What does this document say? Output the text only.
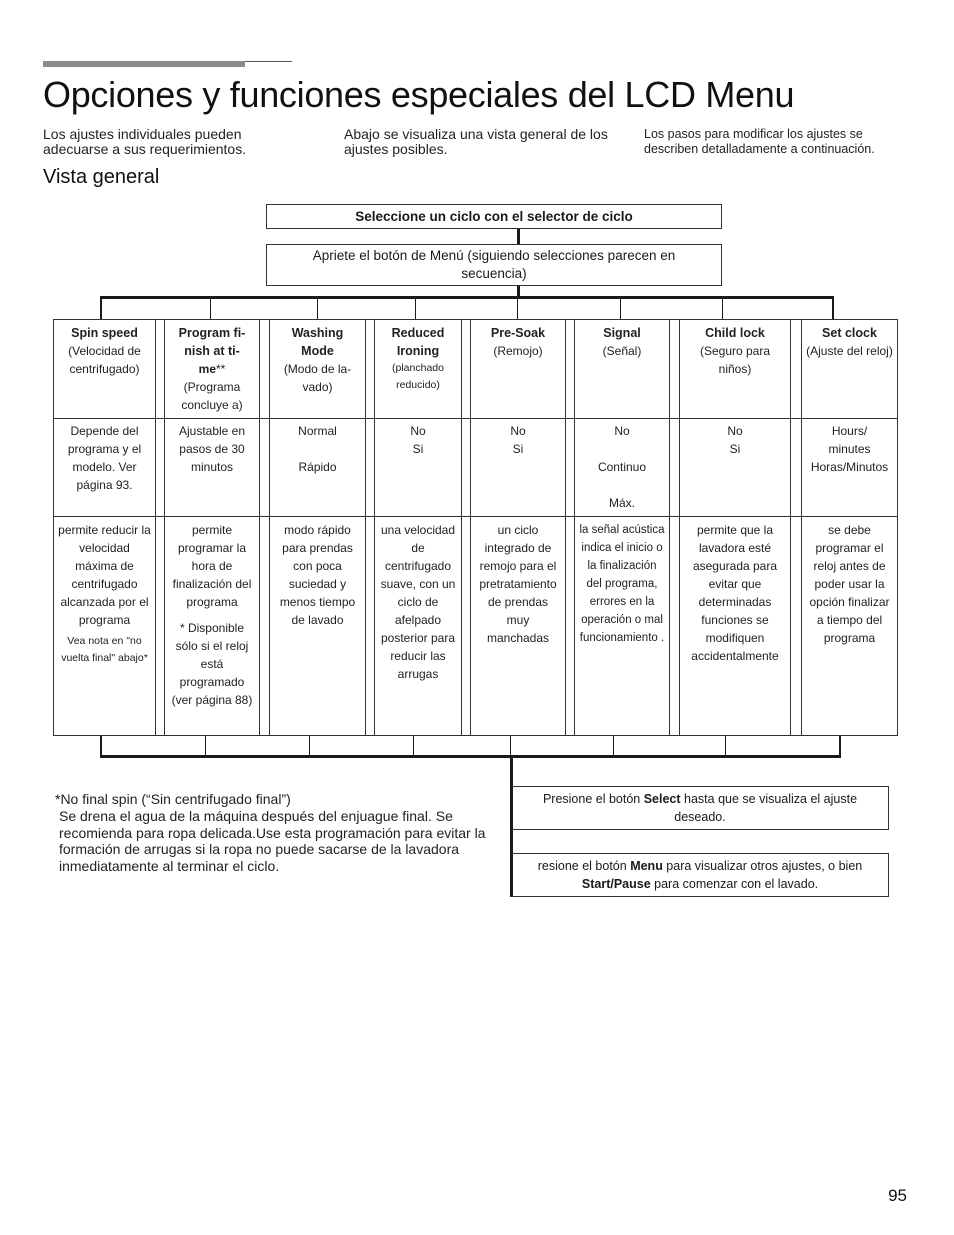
Opciones y funciones especiales del LCD Menu
Los ajustes individuales pueden adecuarse a sus requerimientos.
Abajo se visualiza una vista general de los ajustes posibles.
Los pasos para modificar los ajustes se describen detalladamente a continuación.
Vista general
Seleccione un ciclo con el selector de ciclo
Apriete el botón de Menú (siguiendo selecciones parecen en secuencia)
Spin speed
(Velocidad de centrifugado)
Depende del programa y el modelo. Ver página 93.
permite reducir la velocidad máxima de centrifugado alcanzada por el programa
Vea nota en "no vuelta final" abajo*
Program fi-
nish at ti-
me**
(Programa concluye a)
Ajustable en pasos de 30 minutos
permite programar la hora de finalización del programa
* Disponible sólo si el reloj está programado (ver página 88)
Washing Mode
(Modo de la-vado)
Normal
Rápido
modo rápido para prendas con poca suciedad y menos tiempo de lavado
Reduced Ironing
(planchado reducido)
No
Si
una velocidad de centrifugado suave, con un ciclo de afelpado posterior para reducir las arrugas
Pre-Soak
(Remojo)
No
Si
un ciclo integrado de remojo para el pretratamiento de prendas muy manchadas
Signal
(Señal)
No
Continuo
Máx.
la señal acústica indica el inicio o la finalización del programa, errores en la operación o mal funcionamiento .
Child lock
(Seguro para niños)
No
Si
permite que la lavadora esté asegurada para evitar que determinadas funciones se modifiquen accidentalmente
Set clock
(Ajuste del reloj)
Hours/
minutes
Horas/Minutos
se debe programar el reloj antes de poder usar la opción finalizar a tiempo del programa
*No final spin (“Sin centrifugado final”)
Se drena el agua de la máquina después del enjuague final. Se recomienda para ropa delicada.Use esta programación para evitar la formación de arrugas si la ropa no puede sacarse de la lavadora inmediatamente al terminar el ciclo.
Presione el botón Select hasta que se visualiza el ajuste deseado.
resione el botón Menu para visualizar otros ajustes, o bien Start/Pause para comenzar con el lavado.
95
